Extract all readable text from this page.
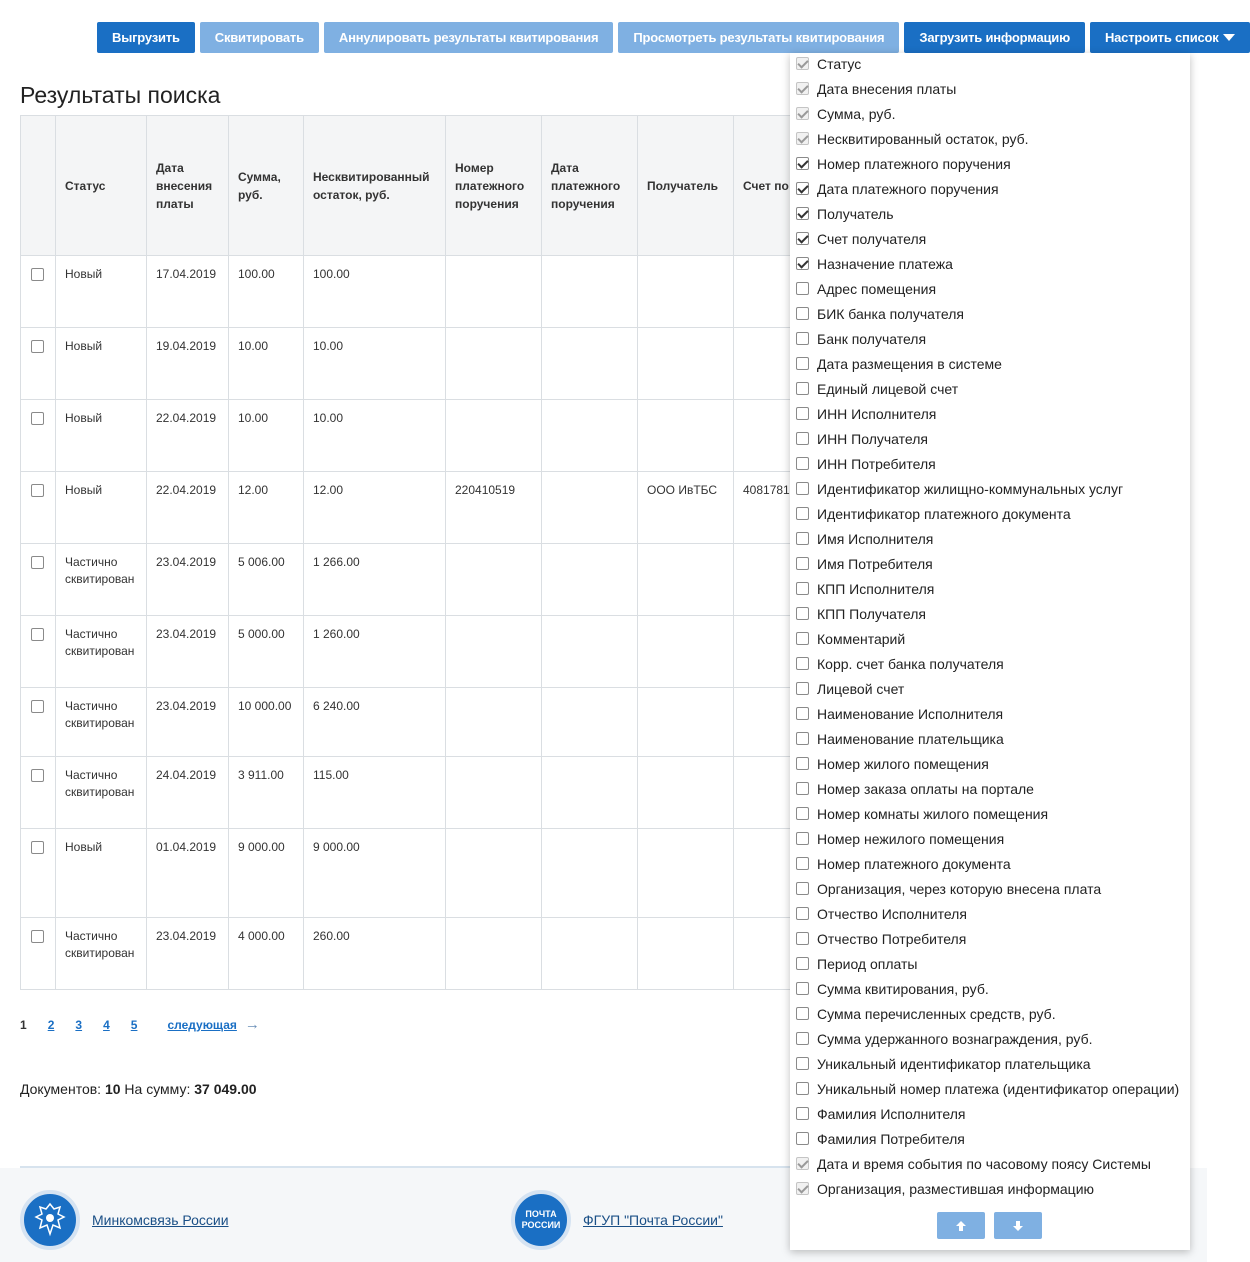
Выгрузить	Сквитировать	Аннулировать результаты квитирования	Просмотреть результаты квитирования	Загрузить информацию	Настроить список
Результаты поиска
	Статус	Дата внесения платы	Сумма, руб.	Несквитированный остаток, руб.	Номер платежного поручения	Дата платежного поручения	Получатель	Счет по	
	Новый	17.04.2019	100.00	100.00					
	Новый	19.04.2019	10.00	10.00					
	Новый	22.04.2019	10.00	10.00					
	Новый	22.04.2019	12.00	12.00	220410519		ООО ИвТБС	4081781	
	Частично сквитирован	23.04.2019	5 006.00	1 266.00					
	Частично сквитирован	23.04.2019	5 000.00	1 260.00					
	Частично сквитирован	23.04.2019	10 000.00	6 240.00					
	Частично сквитирован	24.04.2019	3 911.00	115.00					
	Новый	01.04.2019	9 000.00	9 000.00					
	Частично сквитирован	23.04.2019	4 000.00	260.00					
1 2 3 4 5	следующая →
Документов: 10 На сумму: 37 049.00
Минкомсвязь России	ПОЧТА РОССИИ ФГУП "Почта России"
Статус
Дата внесения платы
Сумма, руб.
Несквитированный остаток, руб.
Номер платежного поручения
Дата платежного поручения
Получатель
Счет получателя
Назначение платежа
Адрес помещения
БИК банка получателя
Банк получателя
Дата размещения в системе
Единый лицевой счет
ИНН Исполнителя
ИНН Получателя
ИНН Потребителя
Идентификатор жилищно-коммунальных услуг
Идентификатор платежного документа
Имя Исполнителя
Имя Потребителя
КПП Исполнителя
КПП Получателя
Комментарий
Корр. счет банка получателя
Лицевой счет
Наименование Исполнителя
Наименование плательщика
Номер жилого помещения
Номер заказа оплаты на портале
Номер комнаты жилого помещения
Номер нежилого помещения
Номер платежного документа
Организация, через которую внесена плата
Отчество Исполнителя
Отчество Потребителя
Период оплаты
Сумма квитирования, руб.
Сумма перечисленных средств, руб.
Сумма удержанного вознаграждения, руб.
Уникальный идентификатор плательщика
Уникальный номер платежа (идентификатор операции)
Фамилия Исполнителя
Фамилия Потребителя
Дата и время события по часовому поясу Системы
Организация, разместившая информацию
